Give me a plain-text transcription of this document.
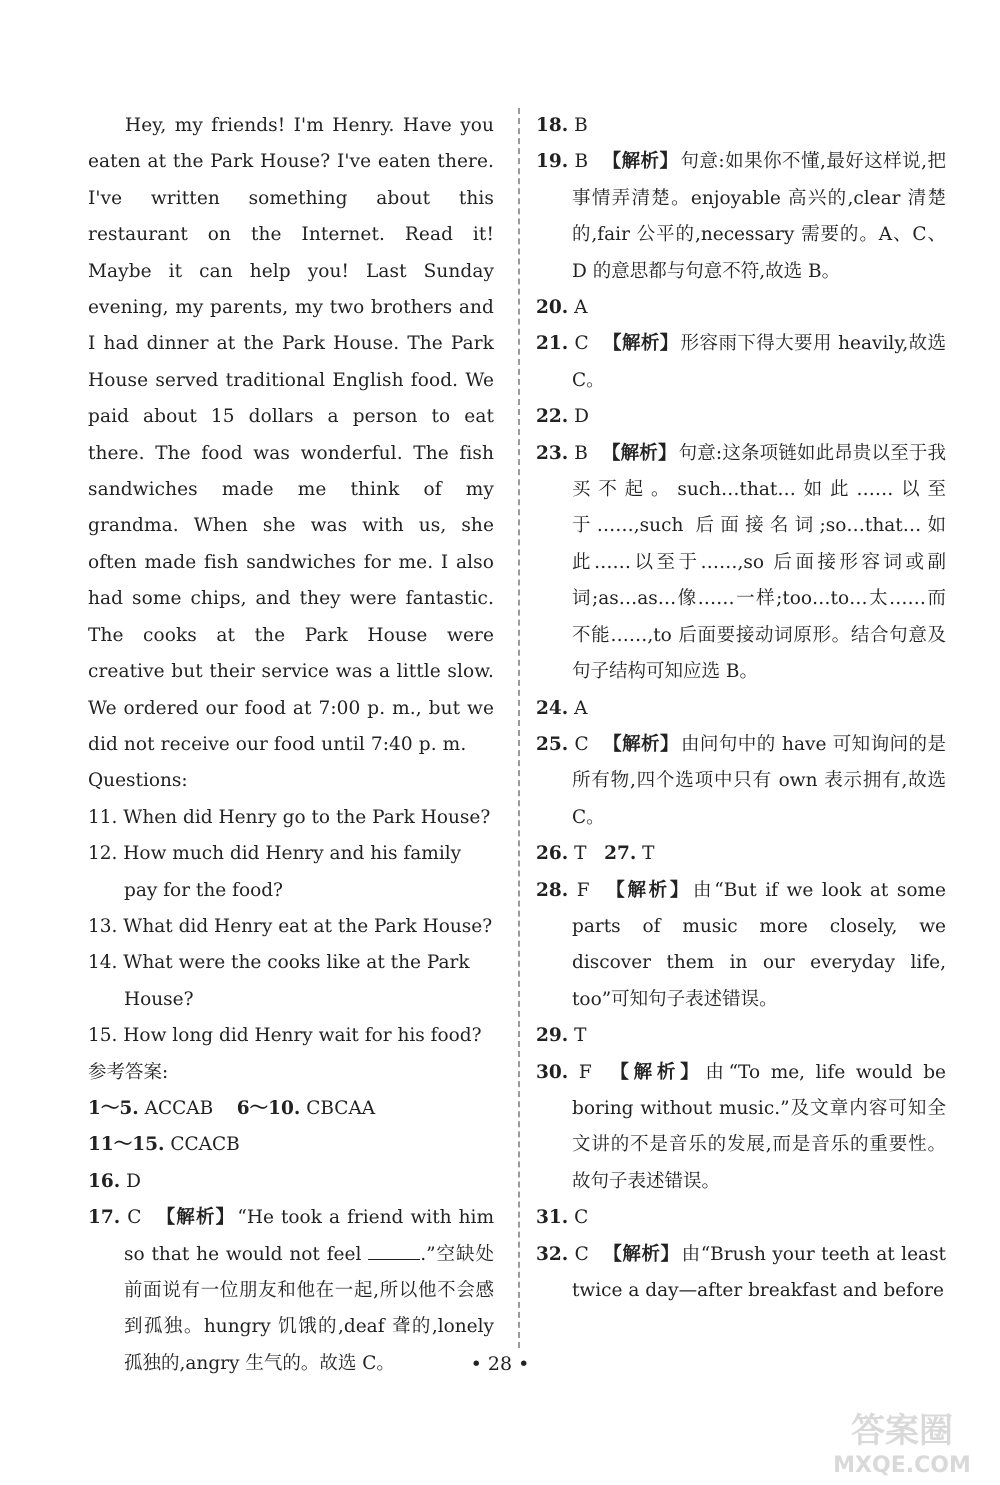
Hey, my friends! I'm Henry. Have you eaten at the Park House? I've eaten there. I've written something about this restaurant on the Internet. Read it! Maybe it can help you! Last Sunday evening, my parents, my two brothers and I had dinner at the Park House. The Park House served traditional English food. We paid about 15 dollars a person to eat there. The food was wonderful. The fish sandwiches made me think of my grandma. When she was with us, she often made fish sandwiches for me. I also had some chips, and they were fantastic. The cooks at the Park House were creative but their service was a little slow. We ordered our food at 7:00 p. m., but we did not receive our food until 7:40 p. m.

Questions:

11. When did Henry go to the Park House?

12. How much did Henry and his family pay for the food?

13. What did Henry eat at the Park House?

14. What were the cooks like at the Park House?

15. How long did Henry wait for his food?

参考答案:

1～5. ACCAB 6～10. CBCAA

11～15. CCACB

16. D

17. C 【解析】 “He took a friend with him so that he would not feel	.”空缺处前面说有一位朋友和他在一起,所以他不会感到孤独。hungry 饥饿的,deaf 聋的,lonely 孤独的,angry 生气的。故选 C。

18. B

19. B 【解析】 句意:如果你不懂,最好这样说,把事情弄清楚。enjoyable 高兴的,clear 清楚的,fair 公平的,necessary 需要的。A、C、D 的意思都与句意不符,故选 B。

20. A

21. C 【解析】 形容雨下得大要用 heavily,故选 C。

22. D

23. B 【解析】 句意:这条项链如此昂贵以至于我买不起。such…that…如此……以至于……,such 后面接名词;so…that…如此……以至于……,so 后面接形容词或副词;as…as…像……一样;too…to…太……而不能……,to 后面要接动词原形。结合句意及句子结构可知应选 B。

24. A

25. C 【解析】 由问句中的 have 可知询问的是所有物,四个选项中只有 own 表示拥有,故选 C。

26. T 27. T

28. F 【解析】 由“But if we look at some parts of music more closely, we discover them in our everyday life, too”可知句子表述错误。

29. T

30. F 【解析】 由“To me, life would be boring without music.”及文章内容可知全文讲的不是音乐的发展,而是音乐的重要性。故句子表述错误。

31. C

32. C 【解析】 由“Brush your teeth at least twice a day—after breakfast and before

• 28 •
答案圈
MXQE.COM
